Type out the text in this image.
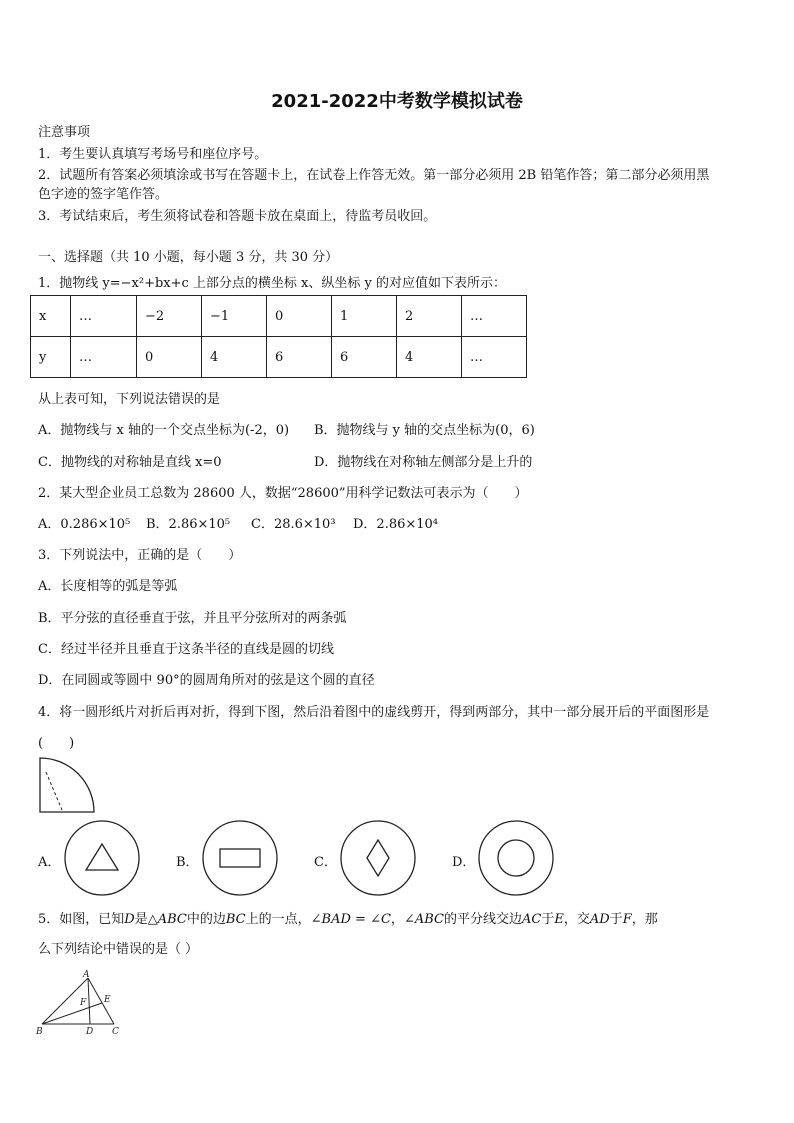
2021-2022中考数学模拟试卷
注意事项
1．考生要认真填写考场号和座位序号。
2．试题所有答案必须填涂或书写在答题卡上，在试卷上作答无效。第一部分必须用 2B 铅笔作答；第二部分必须用黑
色字迹的签字笔作答。
3．考试结束后，考生须将试卷和答题卡放在桌面上，待监考员收回。
一、选择题（共 10 小题，每小题 3 分，共 30 分）
1．抛物线 y=−x²+bx+c 上部分点的横坐标 x、纵坐标 y 的对应值如下表所示：
x	…	−2	−1	0	1	2	…
y	…	0	4	6	6	4	…
从上表可知，下列说法错误的是
A．抛物线与 x 轴的一个交点坐标为(-2，0) B．抛物线与 y 轴的交点坐标为(0，6)
C．抛物线的对称轴是直线 x=0	D．抛物线在对称轴左侧部分是上升的
2．某大型企业员工总数为 28600 人，数据“28600”用科学记数法可表示为（　　）
A．0.286×10⁵ B．2.86×10⁵ C．28.6×10³ D．2.86×10⁴
3．下列说法中，正确的是（　　）
A．长度相等的弧是等弧
B．平分弦的直径垂直于弦，并且平分弦所对的两条弧
C．经过半径并且垂直于这条半径的直线是圆的切线
D．在同圆或等圆中 90°的圆周角所对的弦是这个圆的直径
4．将一圆形纸片对折后再对折，得到下图，然后沿着图中的虚线剪开，得到两部分，其中一部分展开后的平面图形是
(　　)
A．	B．	C．	D．
5．如图，已知D是△ABC中的边BC上的一点，∠BAD = ∠C，∠ABC的平分线交边AC于E，交AD于F，那
么下列结论中错误的是（ ）
A
B	C
D
E
F
